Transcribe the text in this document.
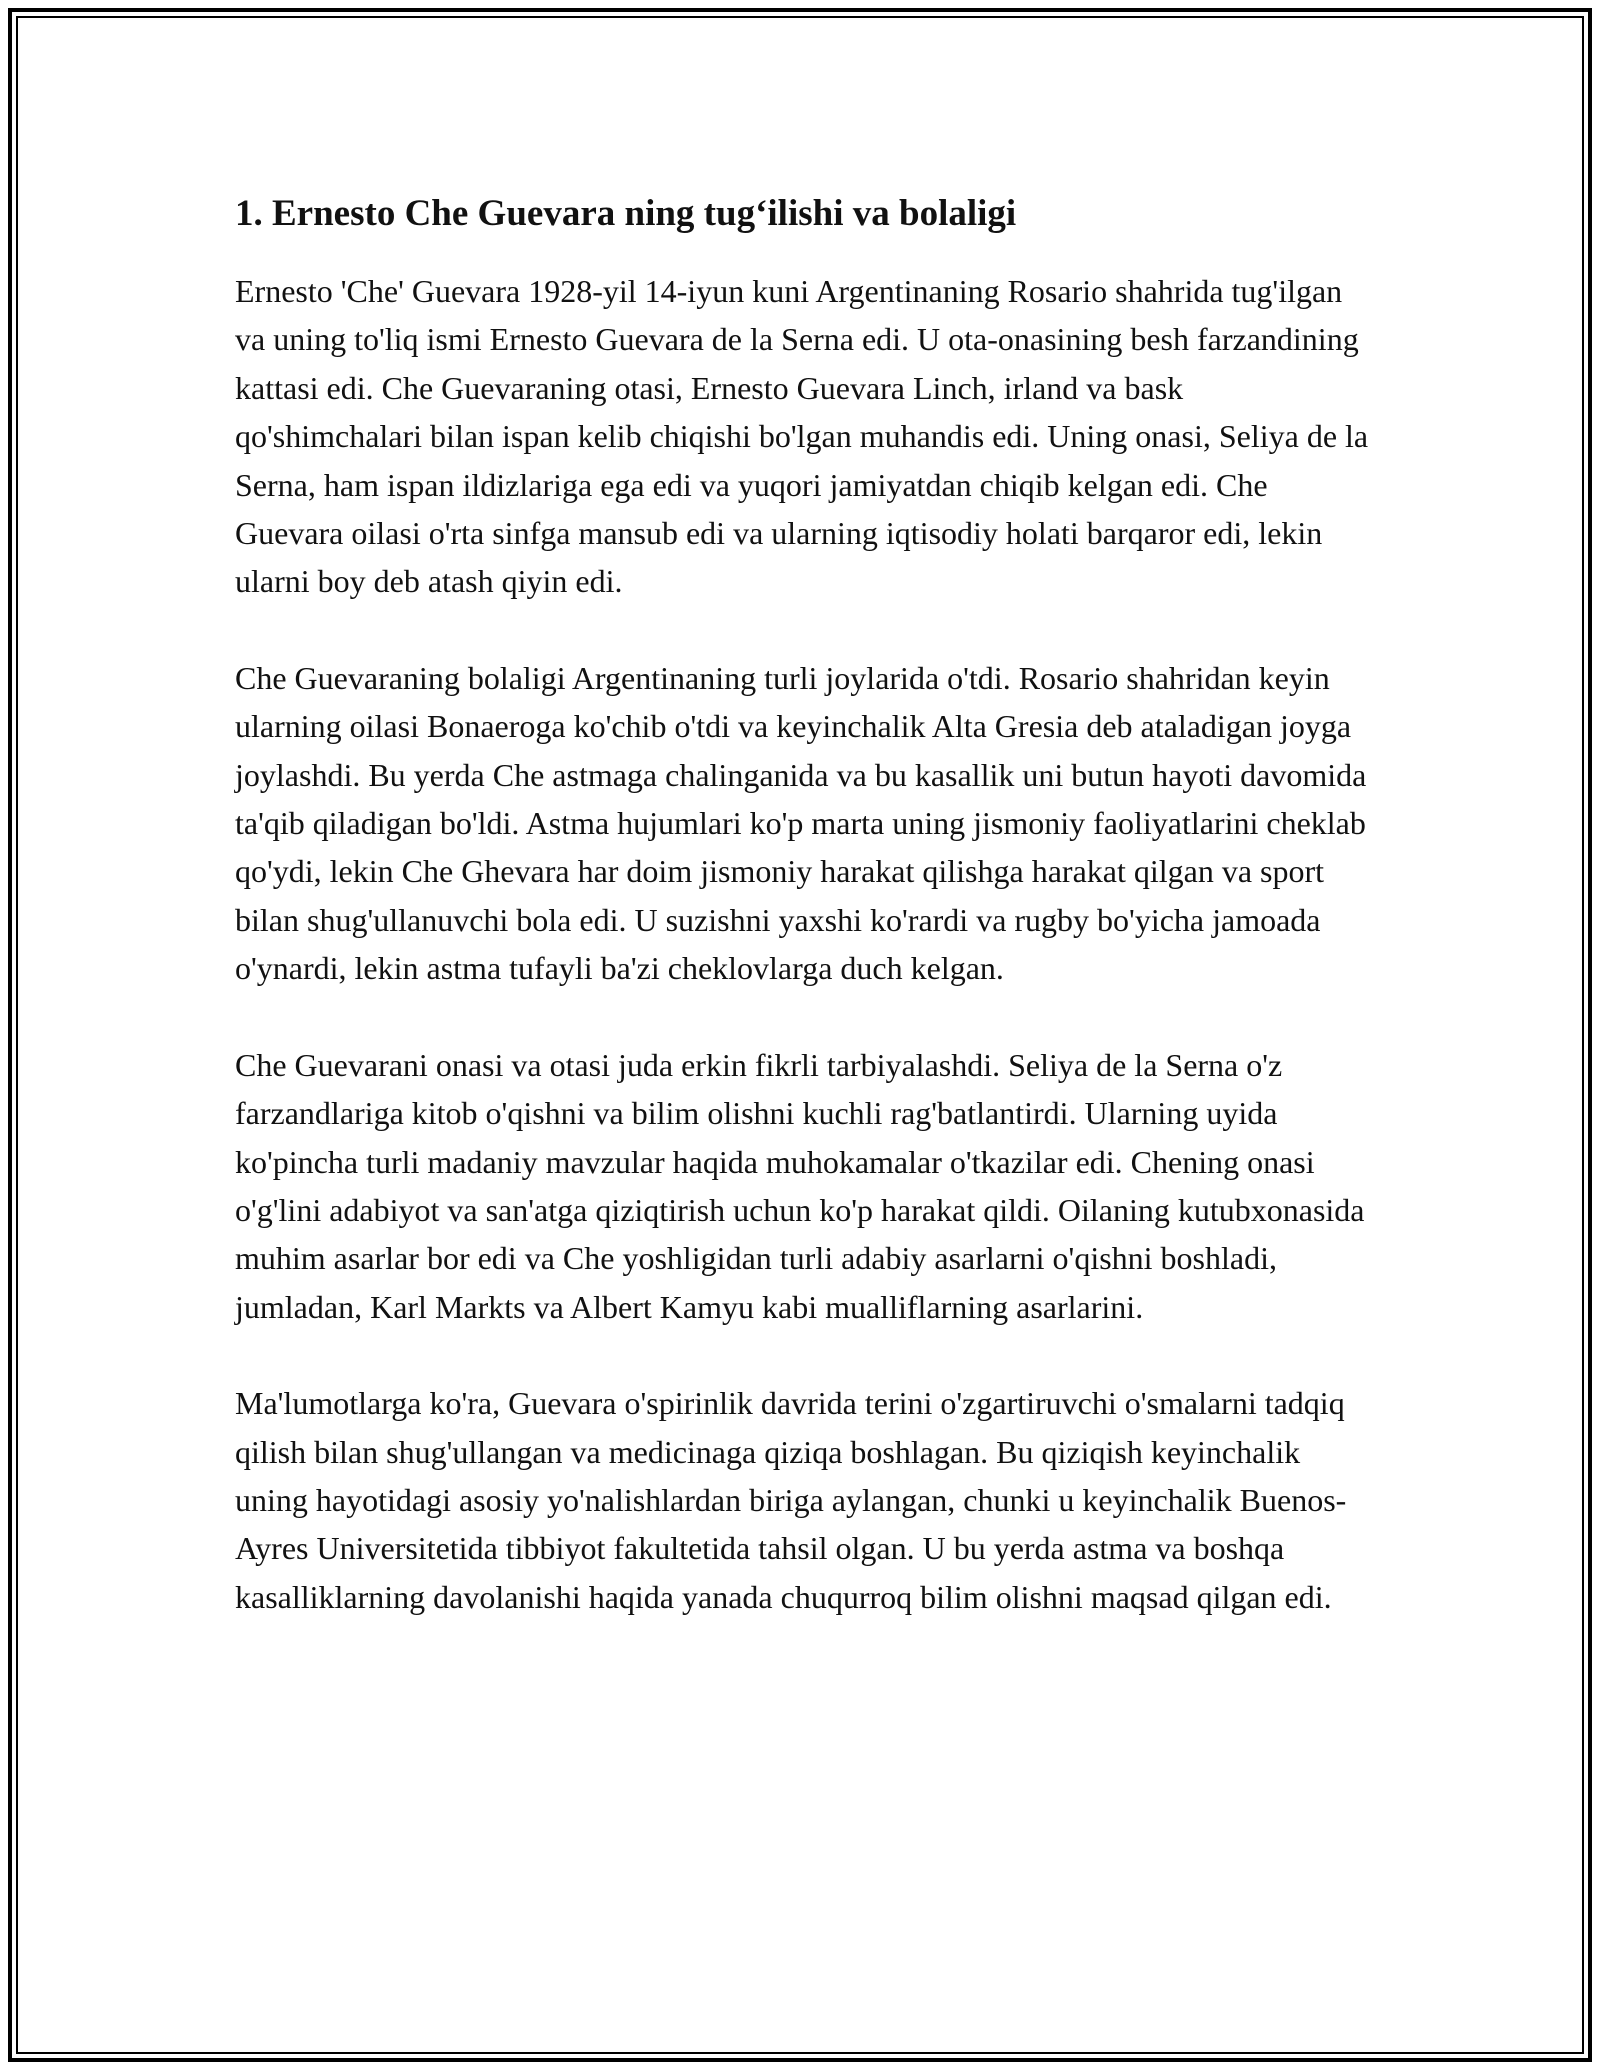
1. Ernesto Che Guevara ning tug‘ilishi va bolaligi

Ernesto 'Che' Guevara 1928-yil 14-iyun kuni Argentinaning Rosario shahrida tug'ilgan va uning to'liq ismi Ernesto Guevara de la Serna edi. U ota-onasining besh farzandining kattasi edi. Che Guevaraning otasi, Ernesto Guevara Linch, irland va bask qo'shimchalari bilan ispan kelib chiqishi bo'lgan muhandis edi. Uning onasi, Seliya de la Serna, ham ispan ildizlariga ega edi va yuqori jamiyatdan chiqib kelgan edi. Che Guevara oilasi o'rta sinfga mansub edi va ularning iqtisodiy holati barqaror edi, lekin ularni boy deb atash qiyin edi.

Che Guevaraning bolaligi Argentinaning turli joylarida o'tdi. Rosario shahridan keyin ularning oilasi Bonaeroga ko'chib o'tdi va keyinchalik Alta Gresia deb ataladigan joyga joylashdi. Bu yerda Che astmaga chalinganida va bu kasallik uni butun hayoti davomida ta'qib qiladigan bo'ldi. Astma hujumlari ko'p marta uning jismoniy faoliyatlarini cheklab qo'ydi, lekin Che Ghevara har doim jismoniy harakat qilishga harakat qilgan va sport bilan shug'ullanuvchi bola edi. U suzishni yaxshi ko'rardi va rugby bo'yicha jamoada o'ynardi, lekin astma tufayli ba'zi cheklovlarga duch kelgan.

Che Guevarani onasi va otasi juda erkin fikrli tarbiyalashdi. Seliya de la Serna o'z farzandlariga kitob o'qishni va bilim olishni kuchli rag'batlantirdi. Ularning uyida ko'pincha turli madaniy mavzular haqida muhokamalar o'tkazilar edi. Chening onasi o'g'lini adabiyot va san'atga qiziqtirish uchun ko'p harakat qildi. Oilaning kutubxonasida muhim asarlar bor edi va Che yoshligidan turli adabiy asarlarni o'qishni boshladi, jumladan, Karl Markts va Albert Kamyu kabi mualliflarning asarlarini.

Ma'lumotlarga ko'ra, Guevara o'spirinlik davrida terini o'zgartiruvchi o'smalarni tadqiq qilish bilan shug'ullangan va medicinaga qiziqa boshlagan. Bu qiziqish keyinchalik uning hayotidagi asosiy yo'nalishlardan biriga aylangan, chunki u keyinchalik Buenos-Ayres Universitetida tibbiyot fakultetida tahsil olgan. U bu yerda astma va boshqa kasalliklarning davolanishi haqida yanada chuqurroq bilim olishni maqsad qilgan edi.
